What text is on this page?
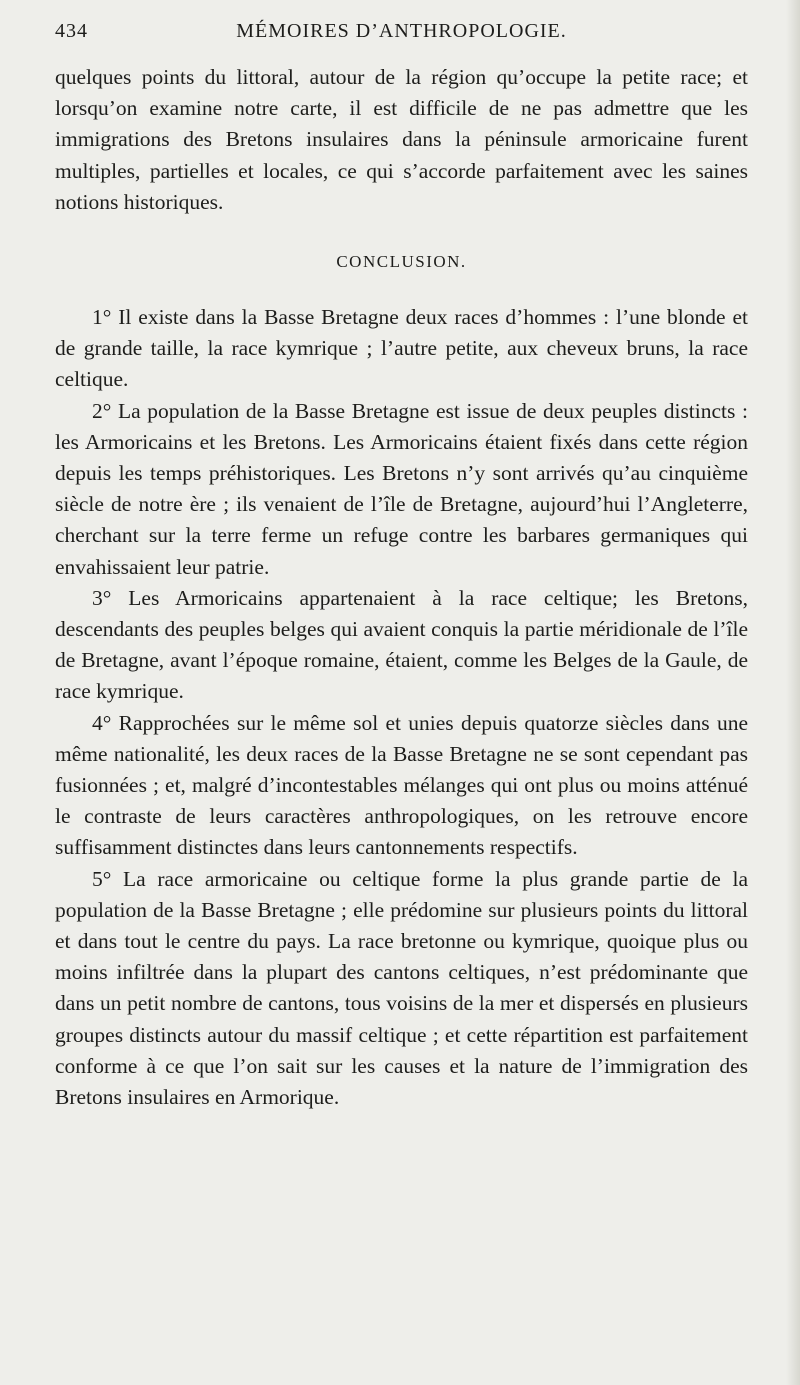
434	MÉMOIRES D’ANTHROPOLOGIE.

quelques points du littoral, autour de la région qu’occupe la petite race; et lorsqu’on examine notre carte, il est difficile de ne pas admettre que les immigrations des Bretons insulaires dans la péninsule armoricaine furent multiples, partielles et locales, ce qui s’accorde parfaitement avec les saines notions historiques.

CONCLUSION.

1° Il existe dans la Basse Bretagne deux races d’hommes : l’une blonde et de grande taille, la race kymrique ; l’autre petite, aux cheveux bruns, la race celtique.

2° La population de la Basse Bretagne est issue de deux peuples distincts : les Armoricains et les Bretons. Les Armoricains étaient fixés dans cette région depuis les temps préhistoriques. Les Bretons n’y sont arrivés qu’au cinquième siècle de notre ère ; ils venaient de l’île de Bretagne, aujourd’hui l’Angleterre, cherchant sur la terre ferme un refuge contre les barbares germaniques qui envahissaient leur patrie.

3° Les Armoricains appartenaient à la race celtique; les Bretons, descendants des peuples belges qui avaient conquis la partie méridionale de l’île de Bretagne, avant l’époque romaine, étaient, comme les Belges de la Gaule, de race kymrique.

4° Rapprochées sur le même sol et unies depuis quatorze siècles dans une même nationalité, les deux races de la Basse Bretagne ne se sont cependant pas fusionnées ; et, malgré d’incontestables mélanges qui ont plus ou moins atténué le contraste de leurs caractères anthropologiques, on les retrouve encore suffisamment distinctes dans leurs cantonnements respectifs.

5° La race armoricaine ou celtique forme la plus grande partie de la population de la Basse Bretagne ; elle prédomine sur plusieurs points du littoral et dans tout le centre du pays. La race bretonne ou kymrique, quoique plus ou moins infiltrée dans la plupart des cantons celtiques, n’est prédominante que dans un petit nombre de cantons, tous voisins de la mer et dispersés en plusieurs groupes distincts autour du massif celtique ; et cette répartition est parfaitement conforme à ce que l’on sait sur les causes et la nature de l’immigration des Bretons insulaires en Armorique.
